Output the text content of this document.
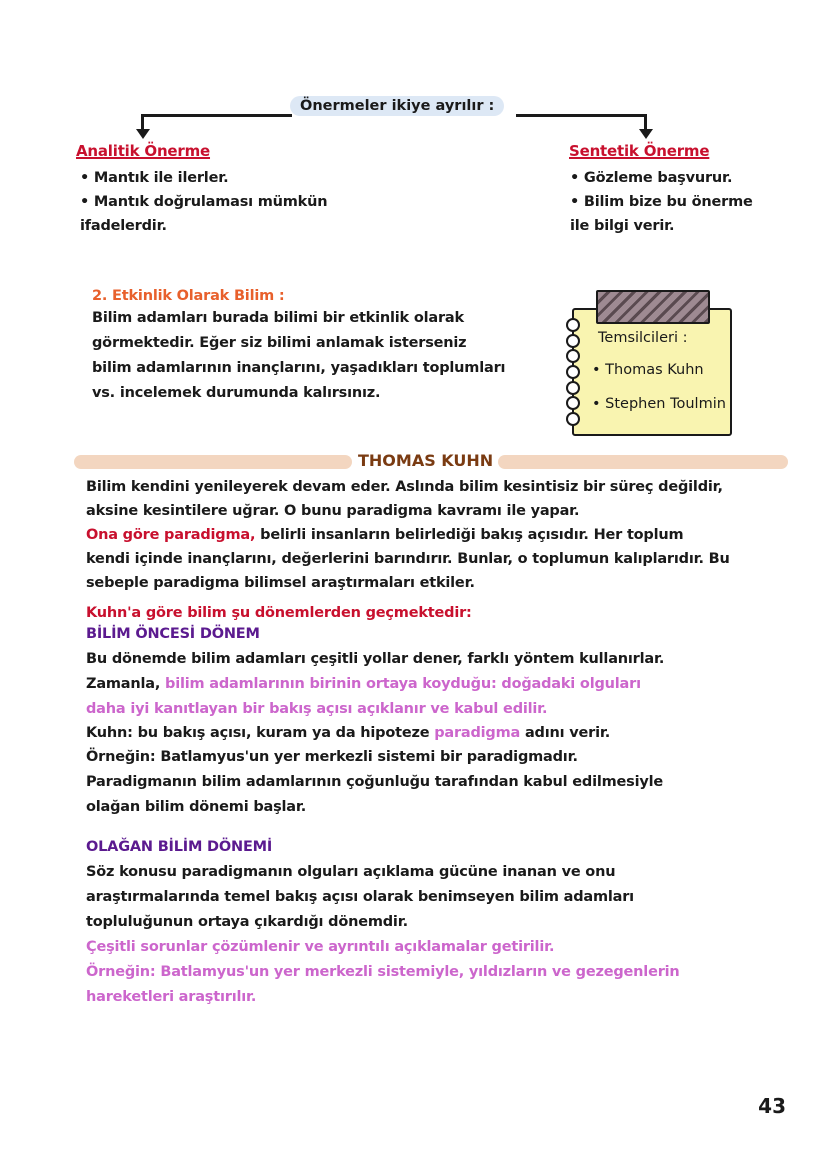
Önermeler ikiye ayrılır :
Analitik Önerme
• Mantık ile ilerler.
• Mantık doğrulaması mümkün
ifadelerdir.
Sentetik Önerme
• Gözleme başvurur.
• Bilim bize bu önerme
ile bilgi verir.
2. Etkinlik Olarak Bilim :
Bilim adamları burada bilimi bir etkinlik olarak
görmektedir. Eğer siz bilimi anlamak isterseniz
bilim adamlarının inançlarını, yaşadıkları toplumları
vs. incelemek durumunda kalırsınız.
Temsilcileri :
• Thomas Kuhn
• Stephen Toulmin
THOMAS KUHN
Bilim kendini yenileyerek devam eder. Aslında bilim kesintisiz bir süreç değildir,
aksine kesintilere uğrar. O bunu paradigma kavramı ile yapar.
Ona göre paradigma, belirli insanların belirlediği bakış açısıdır. Her toplum
kendi içinde inançlarını, değerlerini barındırır. Bunlar, o toplumun kalıplarıdır. Bu
sebeple paradigma bilimsel araştırmaları etkiler.
Kuhn'a göre bilim şu dönemlerden geçmektedir:
BİLİM ÖNCESİ DÖNEM
Bu dönemde bilim adamları çeşitli yollar dener, farklı yöntem kullanırlar.
Zamanla, bilim adamlarının birinin ortaya koyduğu: doğadaki olguları
daha iyi kanıtlayan bir bakış açısı açıklanır ve kabul edilir.
Kuhn: bu bakış açısı, kuram ya da hipoteze paradigma adını verir.
Örneğin: Batlamyus'un yer merkezli sistemi bir paradigmadır.
Paradigmanın bilim adamlarının çoğunluğu tarafından kabul edilmesiyle
olağan bilim dönemi başlar.
OLAĞAN BİLİM DÖNEMİ
Söz konusu paradigmanın olguları açıklama gücüne inanan ve onu
araştırmalarında temel bakış açısı olarak benimseyen bilim adamları
topluluğunun ortaya çıkardığı dönemdir.
Çeşitli sorunlar çözümlenir ve ayrıntılı açıklamalar getirilir.
Örneğin: Batlamyus'un yer merkezli sistemiyle, yıldızların ve gezegenlerin
hareketleri araştırılır.
43
